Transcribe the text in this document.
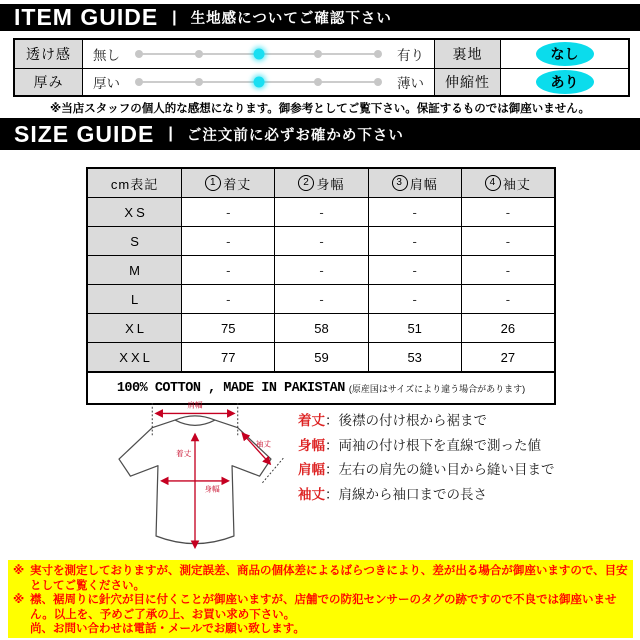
ITEM GUIDE | 生地感についてご確認下さい
透け感	無し	有り	裏地	なし
厚み	厚い	薄い	伸縮性	あり
※当店スタッフの個人的な感想になります。御参考としてご覧下さい。保証するものでは御座いません。
SIZE GUIDE | ご注文前に必ずお確かめ下さい
cm表記	1 着丈	2 身幅	3 肩幅	4 袖丈
XS	-	-	-	-
S	-	-	-	-
M	-	-	-	-
L	-	-	-	-
XL	75	58	51	26
XXL	77	59	53	27
100% COTTON , MADE IN PAKISTAN (原産国はサイズにより違う場合があります)
肩幅
着丈
身幅
袖丈
着丈：後襟の付け根から裾まで
身幅：両袖の付け根下を直線で測った値
肩幅：左右の肩先の縫い目から縫い目まで
袖丈：肩線から袖口までの長さ
※ 実寸を測定しておりますが、測定誤差、商品の個体差によるばらつきにより、差が出る場合が御座いますので、目安としてご覧ください。
※ 襟、裾周りに針穴が目に付くことが御座いますが、店舗での防犯センサーのタグの跡ですので不良では御座いません。以上を、予めご了承の上、お買い求め下さい。
尚、お問い合わせは電話・メールでお願い致します。
